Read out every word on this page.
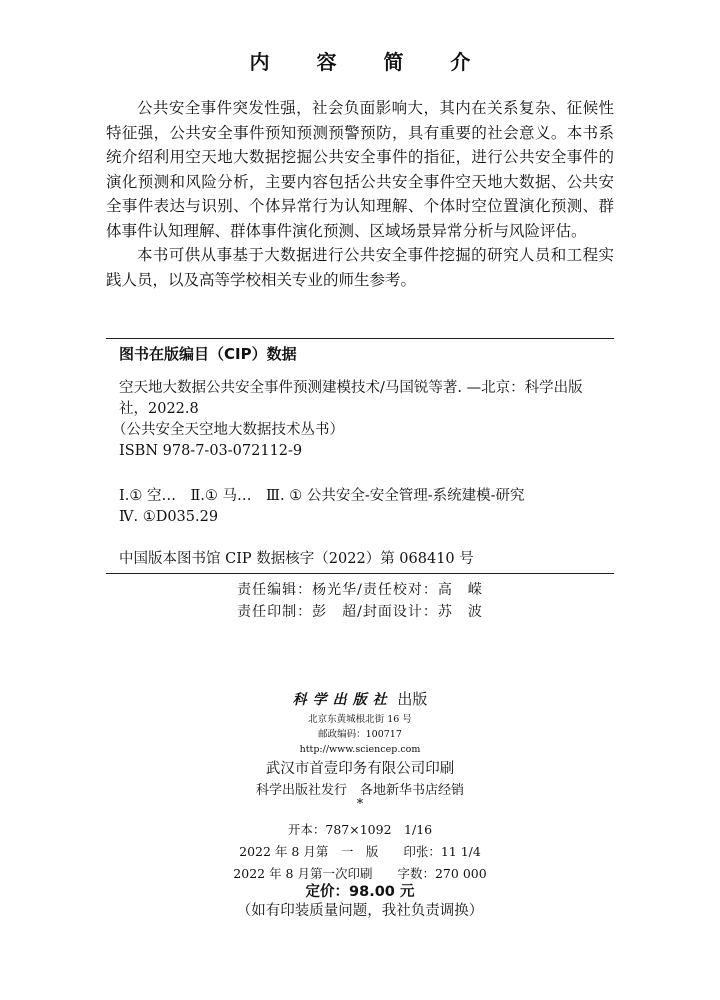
内 容 简 介

公共安全事件突发性强，社会负面影响大，其内在关系复杂、征候性特征强，公共安全事件预知预测预警预防，具有重要的社会意义。本书系统介绍利用空天地大数据挖掘公共安全事件的指征，进行公共安全事件的演化预测和风险分析，主要内容包括公共安全事件空天地大数据、公共安全事件表达与识别、个体异常行为认知理解、个体时空位置演化预测、群体事件认知理解、群体事件演化预测、区域场景异常分析与风险评估。

本书可供从事基于大数据进行公共安全事件挖掘的研究人员和工程实践人员，以及高等学校相关专业的师生参考。

图书在版编目（CIP）数据
空天地大数据公共安全事件预测建模技术/马国锐等著. —北京：科学出版
社，2022.8
（公共安全天空地大数据技术丛书）
ISBN 978-7-03-072112-9
Ⅰ.① 空…　Ⅱ.① 马…　Ⅲ. ① 公共安全-安全管理-系统建模-研究
Ⅳ. ①D035.29
中国版本图书馆 CIP 数据核字（2022）第 068410 号
责任编辑：杨光华/责任校对：高　嵘
责任印制：彭　超/封面设计：苏　波
科学出版社 出版
北京东黄城根北街 16 号
邮政编码：100717
http://www.sciencep.com
武汉市首壹印务有限公司印刷
科学出版社发行　各地新华书店经销
*
开本：787×1092　1/16
2022 年 8 月第　一　版　　印张：11 1/4
2022 年 8 月第一次印刷　　字数：270 000
定价：98.00 元
（如有印装质量问题，我社负责调换）
